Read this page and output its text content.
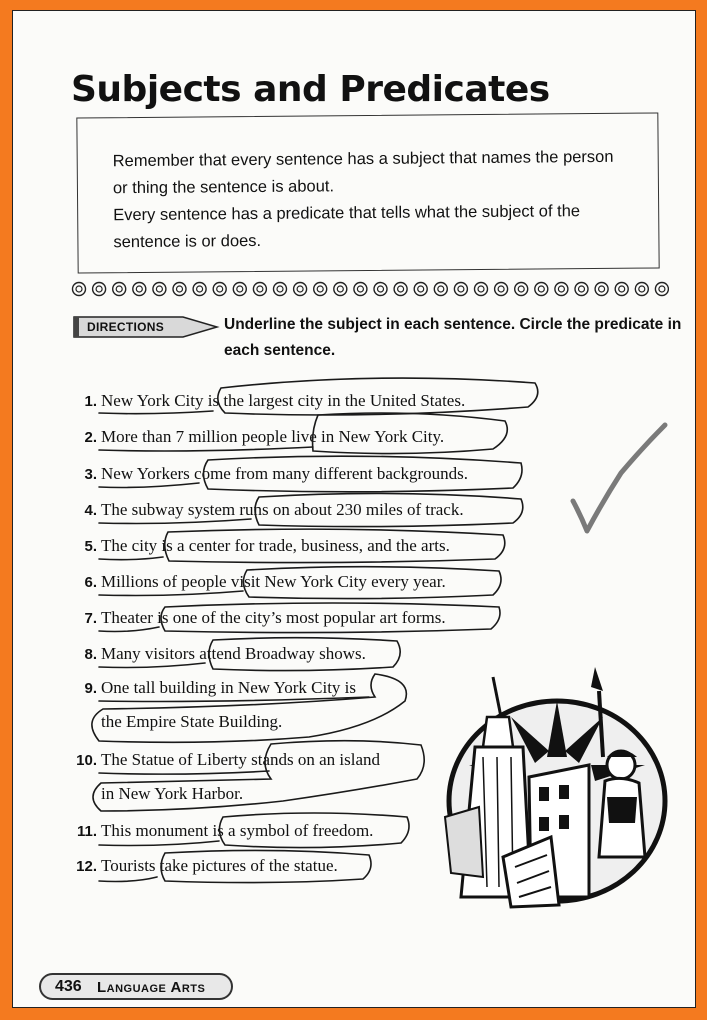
Subjects and Predicates

Remember that every sentence has a subject that names the person

or thing the sentence is about.

Every sentence has a predicate that tells what the subject of the

sentence is or does.

DIRECTIONS	Underline the subject in each sentence. Circle the predicate in each sentence.
1. New York City is the largest city in the United States.
2. More than 7 million people live in New York City.
3. New Yorkers come from many different backgrounds.
4. The subway system runs on about 230 miles of track.
5. The city is a center for trade, business, and the arts.
6. Millions of people visit New York City every year.
7. Theater is one of the city’s most popular art forms.
8. Many visitors attend Broadway shows.
9. One tall building in New York City is
the Empire State Building.
10. The Statue of Liberty stands on an island
in New York Harbor.
11. This monument is a symbol of freedom.
12. Tourists take pictures of the statue.
436 Language Arts
